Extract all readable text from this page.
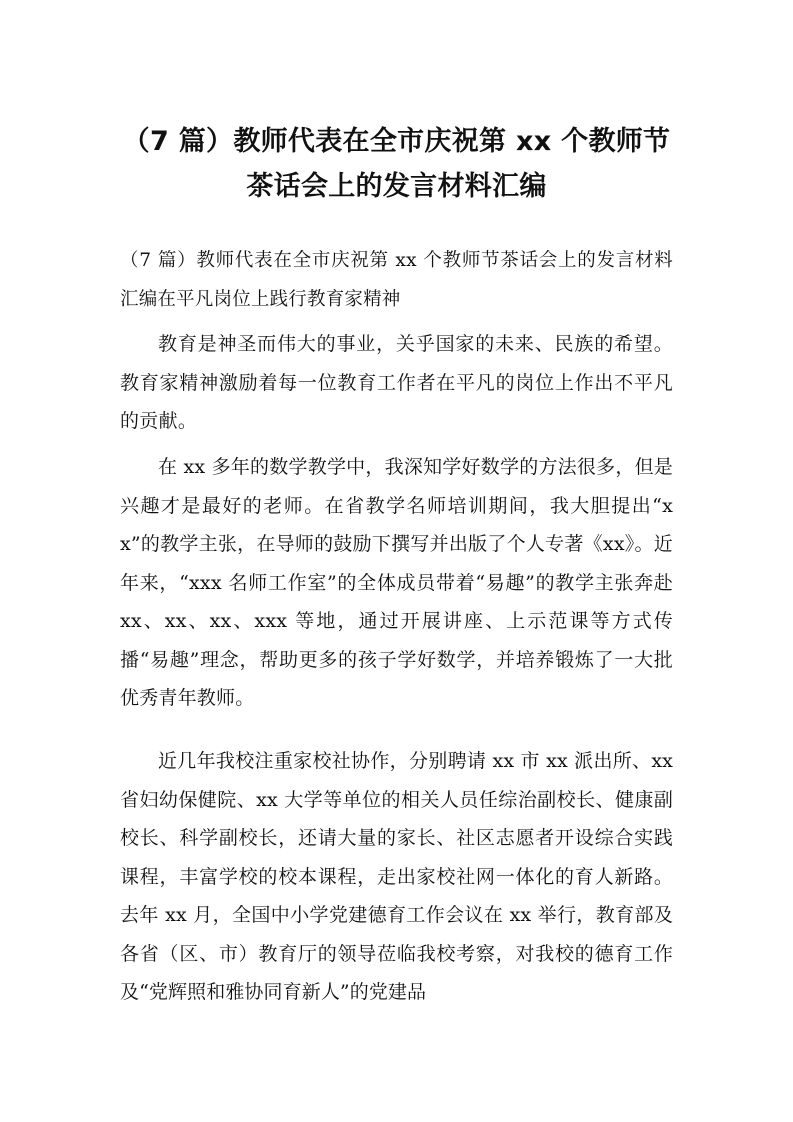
（7 篇）教师代表在全市庆祝第 xx 个教师节
茶话会上的发言材料汇编

（7 篇）教师代表在全市庆祝第 xx 个教师节茶话会上的发言材料汇编在平凡岗位上践行教育家精神

教育是神圣而伟大的事业，关乎国家的未来、民族的希望。教育家精神激励着每一位教育工作者在平凡的岗位上作出不平凡的贡献。

在 xx 多年的数学教学中，我深知学好数学的方法很多，但是兴趣才是最好的老师。在省教学名师培训期间，我大胆提出“xx”的教学主张，在导师的鼓励下撰写并出版了个人专著《xx》。近年来，“xxx 名师工作室”的全体成员带着“易趣”的教学主张奔赴 xx、xx、xx、xxx 等地，通过开展讲座、上示范课等方式传播“易趣”理念，帮助更多的孩子学好数学，并培养锻炼了一大批优秀青年教师。

近几年我校注重家校社协作，分别聘请 xx 市 xx 派出所、xx 省妇幼保健院、xx 大学等单位的相关人员任综治副校长、健康副校长、科学副校长，还请大量的家长、社区志愿者开设综合实践课程，丰富学校的校本课程，走出家校社网一体化的育人新路。去年 xx 月，全国中小学党建德育工作会议在 xx 举行，教育部及各省（区、市）教育厅的领导莅临我校考察，对我校的德育工作及“党辉照和雅协同育新人”的党建品
